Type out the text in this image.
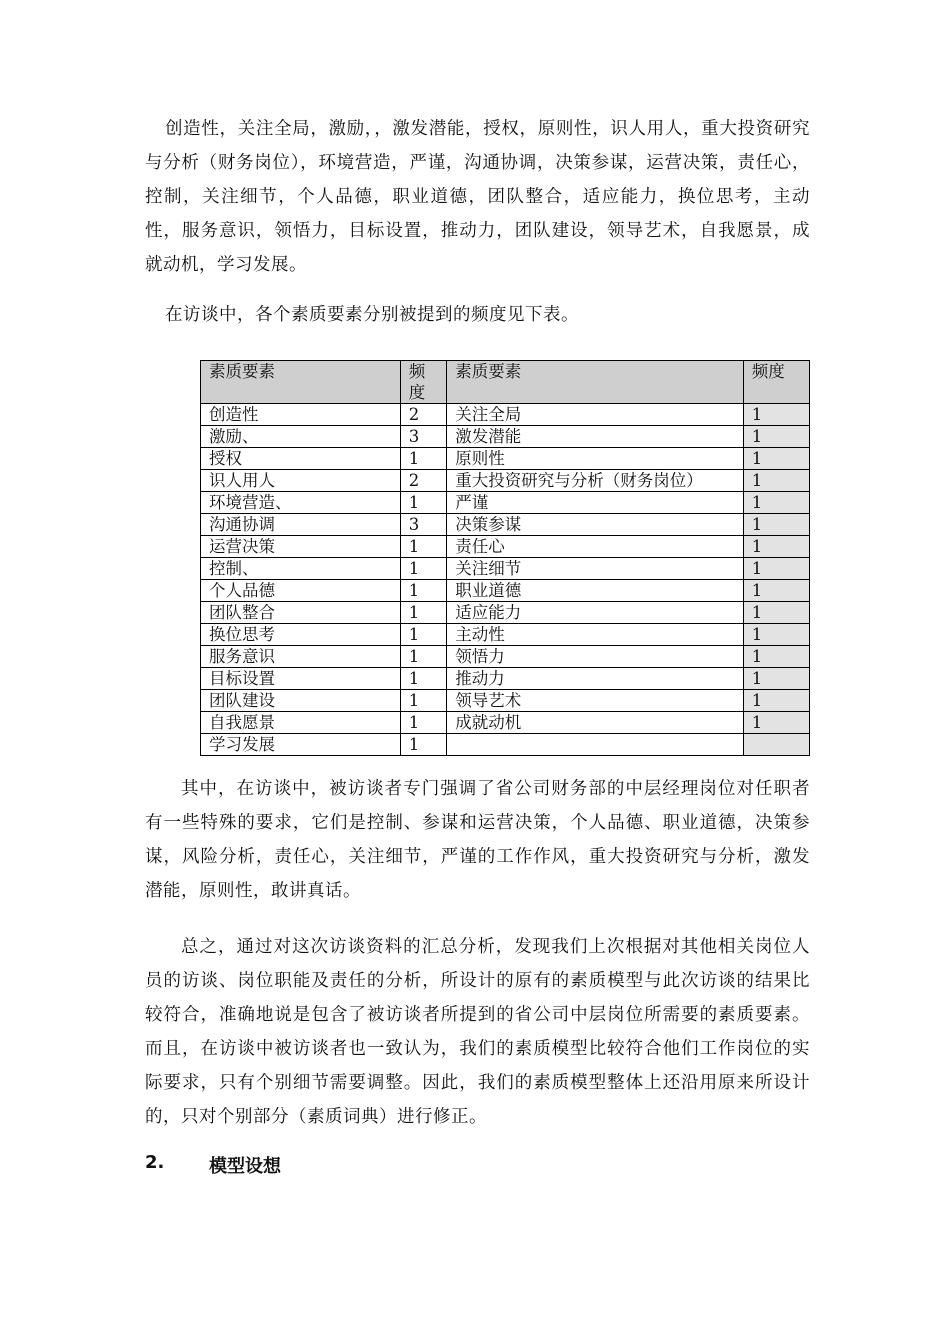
创造性，关注全局，激励，，激发潜能，授权，原则性，识人用人，重大投资研究与分析（财务岗位），环境营造，严谨，沟通协调，决策参谋，运营决策，责任心，控制，关注细节，个人品德，职业道德，团队整合，适应能力，换位思考，主动性，服务意识，领悟力，目标设置，推动力，团队建设，领导艺术，自我愿景，成就动机，学习发展。

在访谈中，各个素质要素分别被提到的频度见下表。

素质要素	频度	素质要素	频度
创造性	2	关注全局	1
激励、	3	激发潜能	1
授权	1	原则性	1
识人用人	2	重大投资研究与分析（财务岗位）	1
环境营造、	1	严谨	1
沟通协调	3	决策参谋	1
运营决策	1	责任心	1
控制、	1	关注细节	1
个人品德	1	职业道德	1
团队整合	1	适应能力	1
换位思考	1	主动性	1
服务意识	1	领悟力	1
目标设置	1	推动力	1
团队建设	1	领导艺术	1
自我愿景	1	成就动机	1
学习发展	1		

其中，在访谈中，被访谈者专门强调了省公司财务部的中层经理岗位对任职者有一些特殊的要求，它们是控制、参谋和运营决策，个人品德、职业道德，决策参谋，风险分析，责任心，关注细节，严谨的工作作风，重大投资研究与分析，激发潜能，原则性，敢讲真话。

总之，通过对这次访谈资料的汇总分析，发现我们上次根据对其他相关岗位人员的访谈、岗位职能及责任的分析，所设计的原有的素质模型与此次访谈的结果比较符合，准确地说是包含了被访谈者所提到的省公司中层岗位所需要的素质要素。而且，在访谈中被访谈者也一致认为，我们的素质模型比较符合他们工作岗位的实际要求，只有个别细节需要调整。因此，我们的素质模型整体上还沿用原来所设计的，只对个别部分（素质词典）进行修正。

2.	模型设想
